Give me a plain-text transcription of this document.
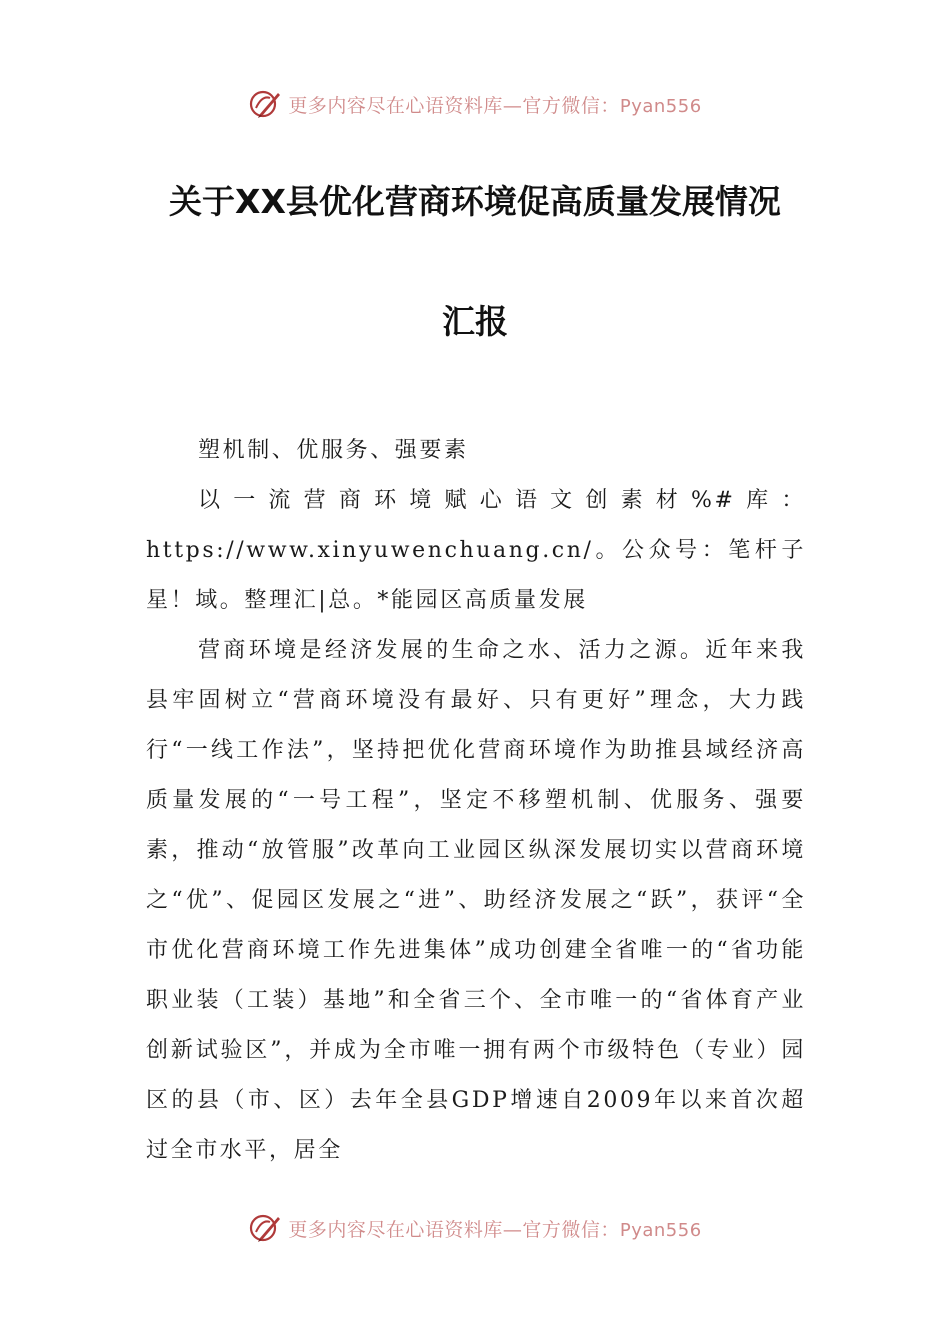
更多内容尽在心语资料库—官方微信：Pyan556
关于XX县优化营商环境促高质量发展情况
汇报

塑机制、优服务、强要素

以一流营商环境赋心语文创素材%#库：https://www.xinyuwenchuang.cn/。公众号：笔杆子星！域。整理汇|总。*能园区高质量发展

营商环境是经济发展的生命之水、活力之源。近年来我县牢固树立“营商环境没有最好、只有更好”理念，大力践行“一线工作法”，坚持把优化营商环境作为助推县域经济高质量发展的“一号工程”，坚定不移塑机制、优服务、强要素，推动“放管服”改革向工业园区纵深发展切实以营商环境之“优”、促园区发展之“进”、助经济发展之“跃”，获评“全市优化营商环境工作先进集体”成功创建全省唯一的“省功能职业装（工装）基地”和全省三个、全市唯一的“省体育产业创新试验区”，并成为全市唯一拥有两个市级特色（专业）园区的县（市、区）去年全县GDP增速自2009年以来首次超过全市水平，居全

更多内容尽在心语资料库—官方微信：Pyan556
